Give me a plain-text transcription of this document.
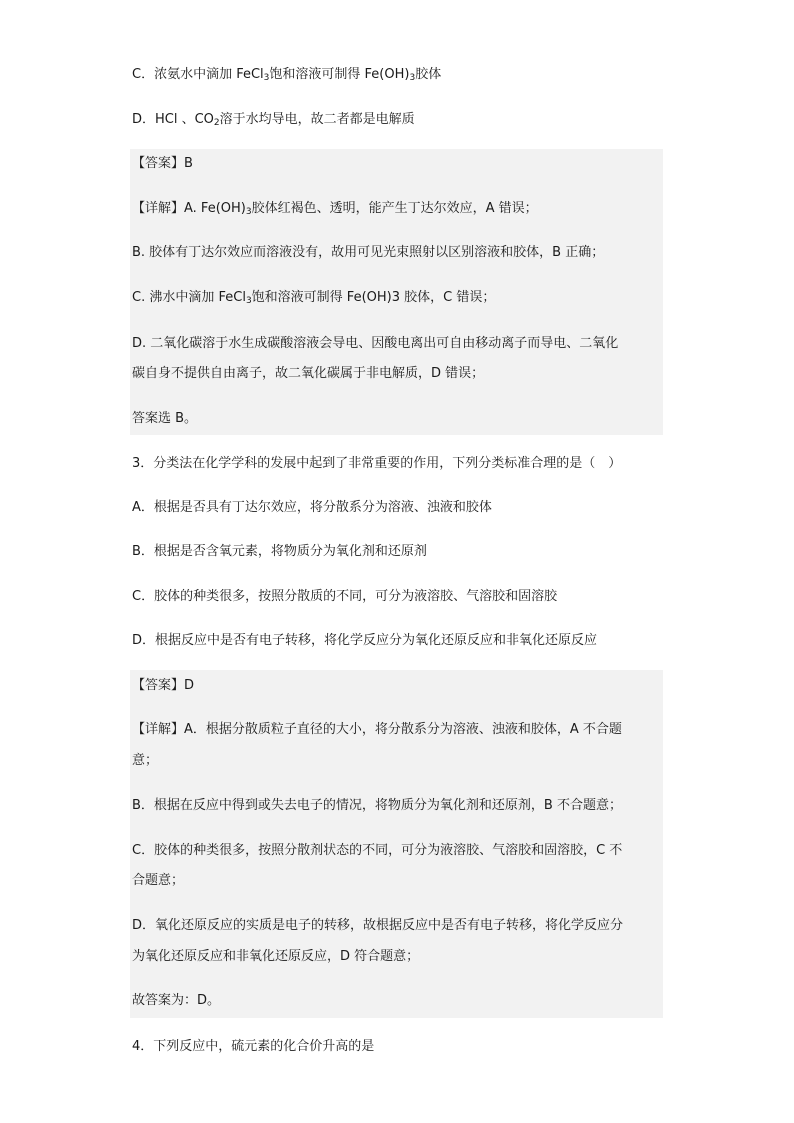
C．浓氨水中滴加 FeCl$_3$饱和溶液可制得 $Fe(OH)_3$胶体
D．HCl 、$CO_2$溶于水均导电，故二者都是电解质
【答案】B
【详解】A. $Fe(OH)_3$胶体红褐色、透明，能产生丁达尔效应，A 错误；
B. 胶体有丁达尔效应而溶液没有，故用可见光束照射以区别溶液和胶体，B 正确；
C. 沸水中滴加 FeCl$_3$饱和溶液可制得 Fe(OH)3 胶体，C 错误；
D. 二氧化碳溶于水生成碳酸溶液会导电、因酸电离出可自由移动离子而导电、二氧化
碳自身不提供自由离子，故二氧化碳属于非电解质，D 错误；
答案选 B。
3．分类法在化学学科的发展中起到了非常重要的作用，下列分类标准合理的是（　）
A．根据是否具有丁达尔效应，将分散系分为溶液、浊液和胶体
B．根据是否含氧元素，将物质分为氧化剂和还原剂
C．胶体的种类很多，按照分散质的不同，可分为液溶胶、气溶胶和固溶胶
D．根据反应中是否有电子转移，将化学反应分为氧化还原反应和非氧化还原反应
【答案】D
【详解】A．根据分散质粒子直径的大小，将分散系分为溶液、浊液和胶体，A 不合题
意；
B．根据在反应中得到或失去电子的情况，将物质分为氧化剂和还原剂，B 不合题意；
C．胶体的种类很多，按照分散剂状态的不同，可分为液溶胶、气溶胶和固溶胶，C 不
合题意；
D．氧化还原反应的实质是电子的转移，故根据反应中是否有电子转移，将化学反应分
为氧化还原反应和非氧化还原反应，D 符合题意；
故答案为：D。
4．下列反应中，硫元素的化合价升高的是
